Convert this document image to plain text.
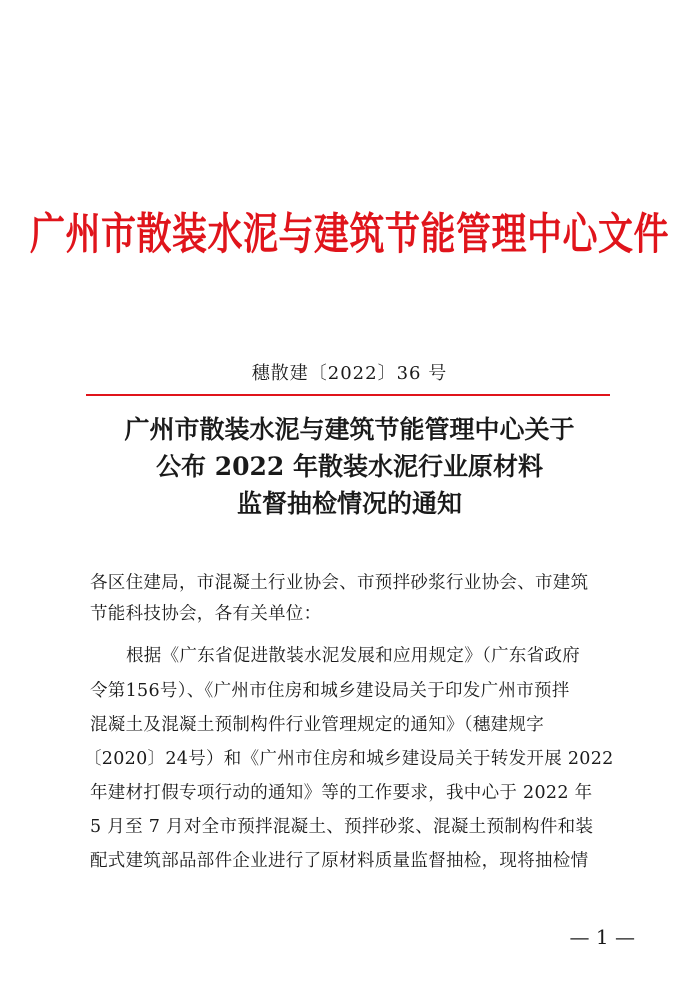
广州市散装水泥与建筑节能管理中心文件
穗散建〔2022〕36 号
广州市散装水泥与建筑节能管理中心关于
公布 2022 年散装水泥行业原材料
监督抽检情况的通知
各区住建局，市混凝土行业协会、市预拌砂浆行业协会、市建筑
节能科技协会，各有关单位：
根据《广东省促进散装水泥发展和应用规定》（广东省政府
令第156号）、《广州市住房和城乡建设局关于印发广州市预拌
混凝土及混凝土预制构件行业管理规定的通知》（穗建规字
〔2020〕24号）和《广州市住房和城乡建设局关于转发开展 2022
年建材打假专项行动的通知》等的工作要求，我中心于 2022 年
5 月至 7 月对全市预拌混凝土、预拌砂浆、混凝土预制构件和装
配式建筑部品部件企业进行了原材料质量监督抽检，现将抽检情
— 1 —
